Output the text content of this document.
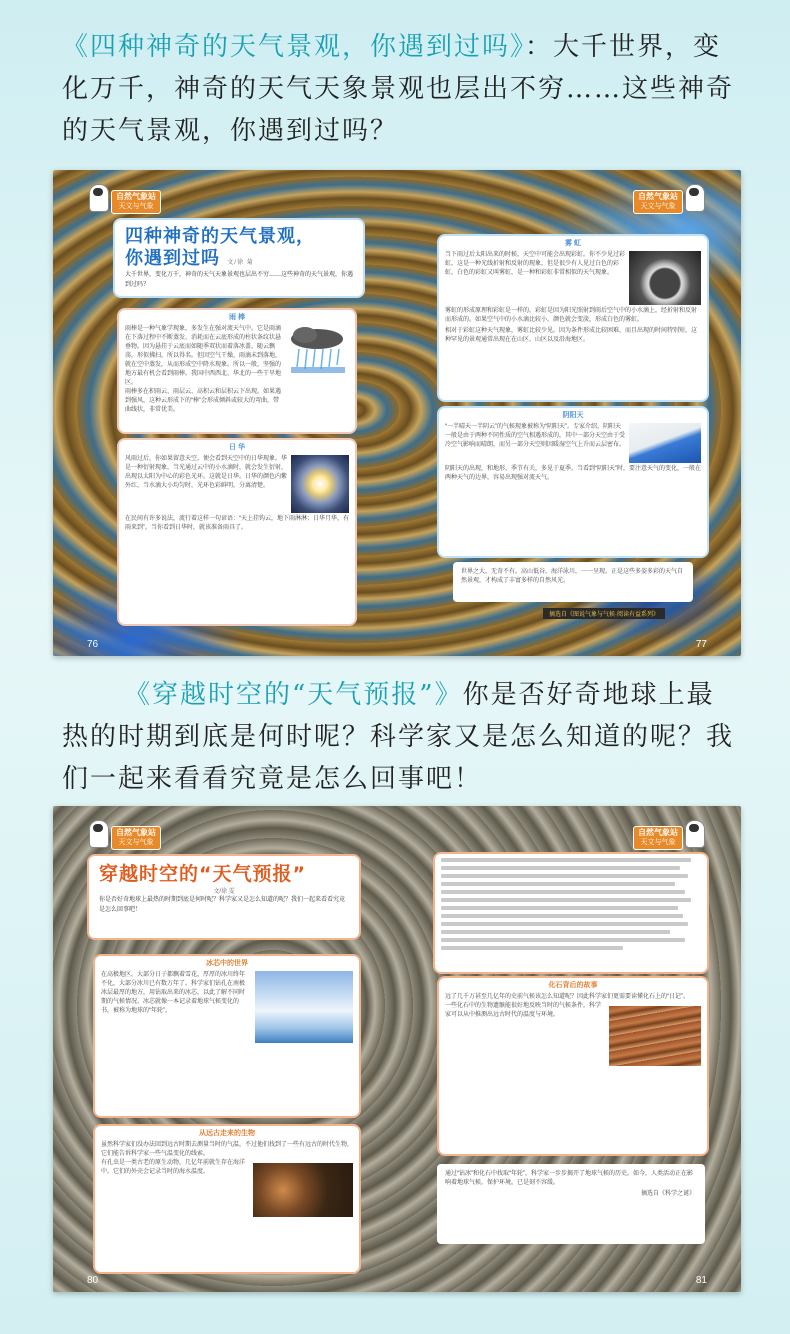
《四种神奇的天气景观，你遇到过吗》：大千世界，变化万千，神奇的天气天象景观也层出不穷……这些神奇的天气景观，你遇到过吗？
自然气象站
天文与气象
四种神奇的天气景观，
你遇到过吗 文/徐 菊
大千世界，变化万千，神奇的天气天象景观也层出不穷……这些神奇的天气景观，你遇到过吗？
雨 棒

雨棒是一种气象学现象，多发生在强对流天气中。它是雨滴在下落过程中不断蒸发、消耗而在云底形成的柱状条纹状悬垂物。因为悬挂于云底而如随季双状而着落冰盖，随云飘荡，形似拂扫，所以得名。但因空气干燥，雨滴未到落地，就在空中蒸发，从而形成空中降水现象。所以一般，坚强的地方最有机会看到雨棒。我国中西西北、华北的一些干旱地区。

雨棒多在积雨云、雨层云、高积云和层积云下出现。如果遇到强风，这种云形成下的“棒”会形成倾斜或较大的弯曲，带曲线状，非常优美。

日 华

风雨过后，你如果留意天空，便会看到天空中的日华现象。华是一种衍射现象，当光通过云中的小水滴时，就会发生衍射，出现以太阳为中心的彩色光环。这就是日华。日华的颜色内紫外红，当水滴大小均匀时，光环色彩鲜明，分离清楚。

在民间有许多说法，流行着这样一句谚语：“天上挂钩云，地下雨淋淋；日华月华，有雨来到”。当你看到日华时，就该准备雨具了。

76
自然气象站
天文与气象
雾 虹

当下雨过后太阳出来的时候，天空中可能会出现彩虹。你不少见过彩虹，这是一种光线折射和反射的现象，但是很少有人见过白色的彩虹，白色的彩虹又叫雾虹，是一种和彩虹非常相似的天气现象。

雾虹的形成原理和彩虹是一样的，彩虹是因为阳光照射到雨后空气中的小水滴上，经折射和反射而形成的。如果空气中的小水滴比较小，颜色就会变淡，形成白色的雾虹。

相对于彩虹这种天气现象，雾虹比较少见。因为条件形成比较困难，而且出现的时间特别短，这种罕见的景观通常出现在在山区、山区以及沿海地区。

阴阳天

“一半晴天一半阴云”的气候现象被称为“阴阳天”。专家介绍，阴阳天一般是由于两种不同性质的空气相遇形成的，其中一部分天空由于受冷空气影响而晴朗，而另一部分天空则因暖湿空气上升而云层密布。

阴阳天的出现，和地形、季节有关，多见于夏季。当看到“阴阳天”时，要注意天气的变化，一般在两种天气的边界，容易出现强对流天气。

世界之大，无奇不有。高山低谷，海洋泳川，一一呈现。正是这些多姿多彩的天气自然景观，才构成了丰富多样的自然风光。

摘选自《图说气象与气候·阅读有益系列》
77
《穿越时空的“天气预报”》你是否好奇地球上最热的时期到底是何时呢？科学家又是怎么知道的呢？我们一起来看看究竟是怎么回事吧！
自然气象站
天文与气象
穿越时空的“天气预报”
文/徐 雯
你是否好奇地球上最热的时期到底是何时呢？科学家又是怎么知道的呢？我们一起来看看究竟是怎么回事吧！
冰芯中的世界

在高极地区，大部分日子都飘着雪花，厚厚的冰川终年不化，大部分冰川已有数万年了。科学家们钻孔在南极冰层最厚的地方，用钻取出来的冰芯，以此了解不同时期的气候情况。冰芯就像一本记录着地球气候变化的书，被称为地球的“年轮”。

从远古走来的生物

虽然科学家们没办法回到远古时期去测量当时的气温，不过他们找到了一些有远古的时代生物，它们能告诉科学家一些气温变化的线索。

有孔虫是一类古老的原生动物，几亿年前就生存在海洋中。它们的外壳会记录当时的海水温度。

80
自然气象站
天文与气象
化石背后的故事

远了几千万甚至几亿年的史前气候该怎么知道呢？因此科学家们更需要读懂化石上的“日记”。

一些化石中的生物遗骸能很好地反映当时的气候条件，科学家可以从中推测出远古时代的温度与环境。

通过“钻冰”和化石中找取“年轮”，科学家一步步揭开了地球气候的历史。如今，人类活动正在影响着地球气候，保护环境，已是刻不容缓。

摘选自《科学之谜》

81
